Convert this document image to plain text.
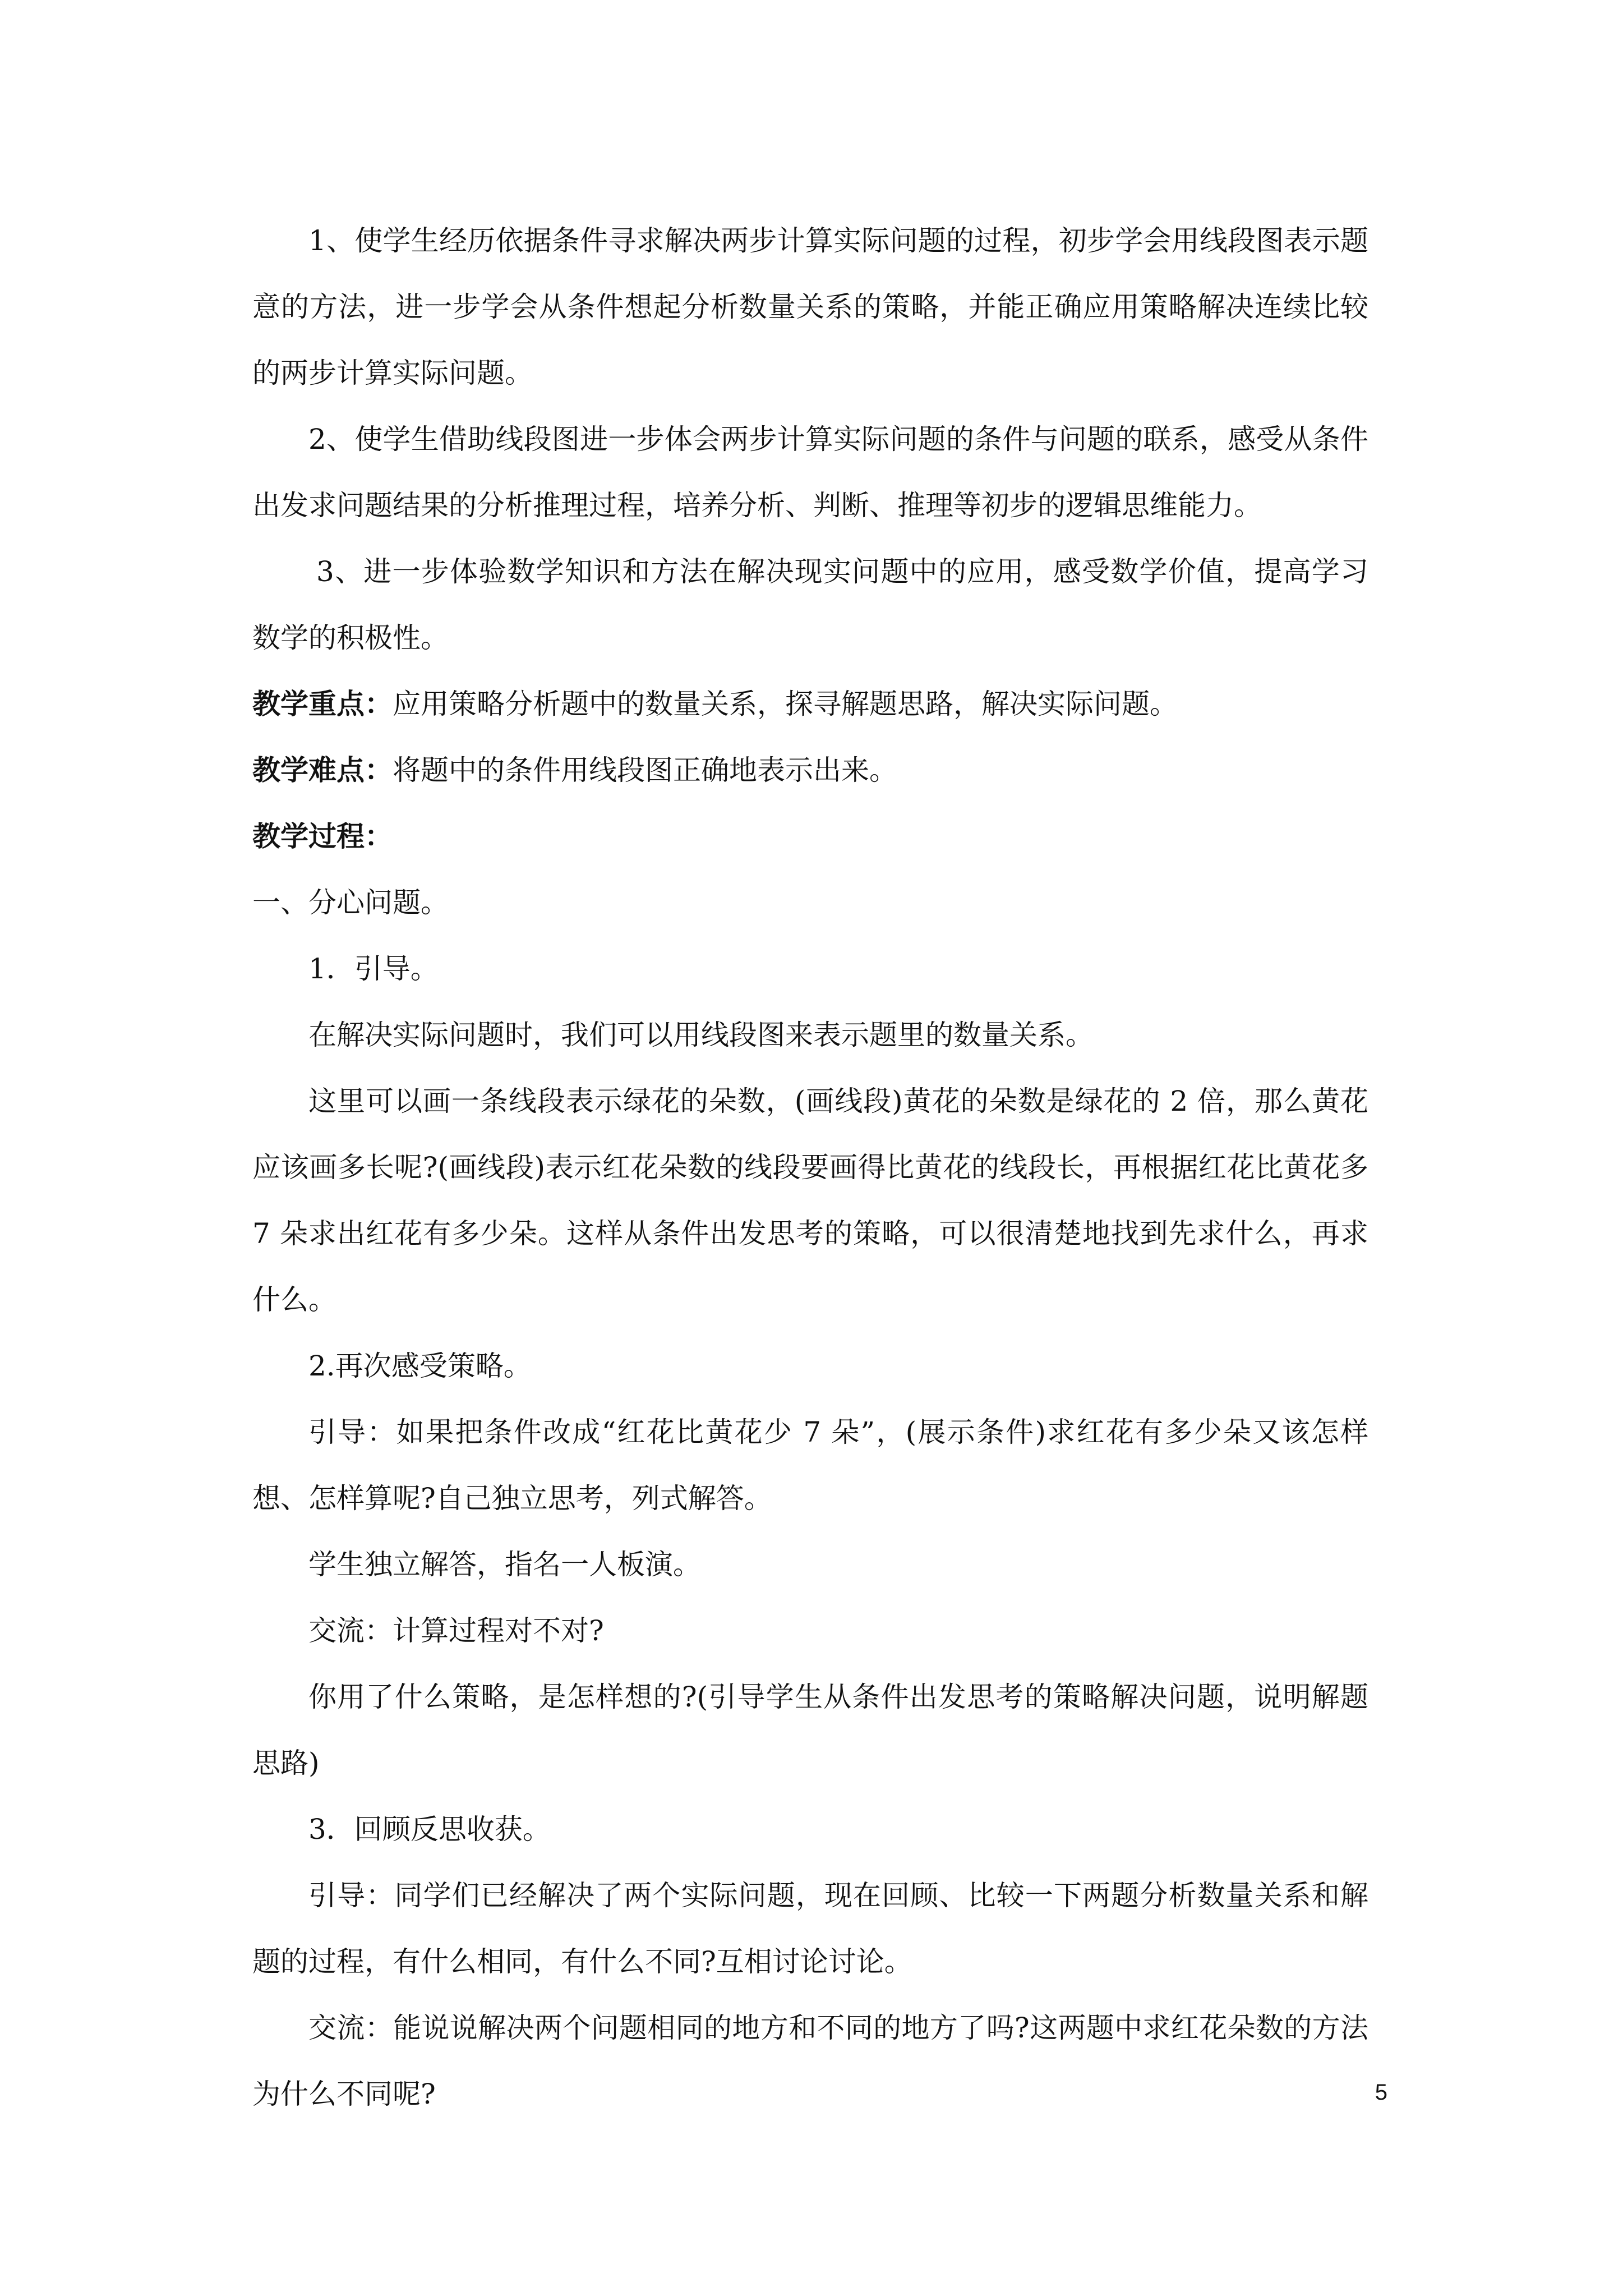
1、使学生经历依据条件寻求解决两步计算实际问题的过程，初步学会用线段图表示题意的方法，进一步学会从条件想起分析数量关系的策略，并能正确应用策略解决连续比较的两步计算实际问题。

2、使学生借助线段图进一步体会两步计算实际问题的条件与问题的联系，感受从条件出发求问题结果的分析推理过程，培养分析、判断、推理等初步的逻辑思维能力。

3、进一步体验数学知识和方法在解决现实问题中的应用，感受数学价值，提高学习数学的积极性。

教学重点：应用策略分析题中的数量关系，探寻解题思路，解决实际问题。

教学难点：将题中的条件用线段图正确地表示出来。

教学过程：

一、分心问题。

1．引导。

在解决实际问题时，我们可以用线段图来表示题里的数量关系。

这里可以画一条线段表示绿花的朵数，(画线段)黄花的朵数是绿花的 2 倍，那么黄花应该画多长呢?(画线段)表示红花朵数的线段要画得比黄花的线段长，再根据红花比黄花多 7 朵求出红花有多少朵。这样从条件出发思考的策略，可以很清楚地找到先求什么，再求什么。

2.再次感受策略。

引导：如果把条件改成“红花比黄花少 7 朵”，(展示条件)求红花有多少朵又该怎样想、怎样算呢?自己独立思考，列式解答。

学生独立解答，指名一人板演。

交流：计算过程对不对?

你用了什么策略，是怎样想的?(引导学生从条件出发思考的策略解决问题，说明解题思路)

3．回顾反思收获。

引导：同学们已经解决了两个实际问题，现在回顾、比较一下两题分析数量关系和解题的过程，有什么相同，有什么不同?互相讨论讨论。

交流：能说说解决两个问题相同的地方和不同的地方了吗?这两题中求红花朵数的方法为什么不同呢?	5
